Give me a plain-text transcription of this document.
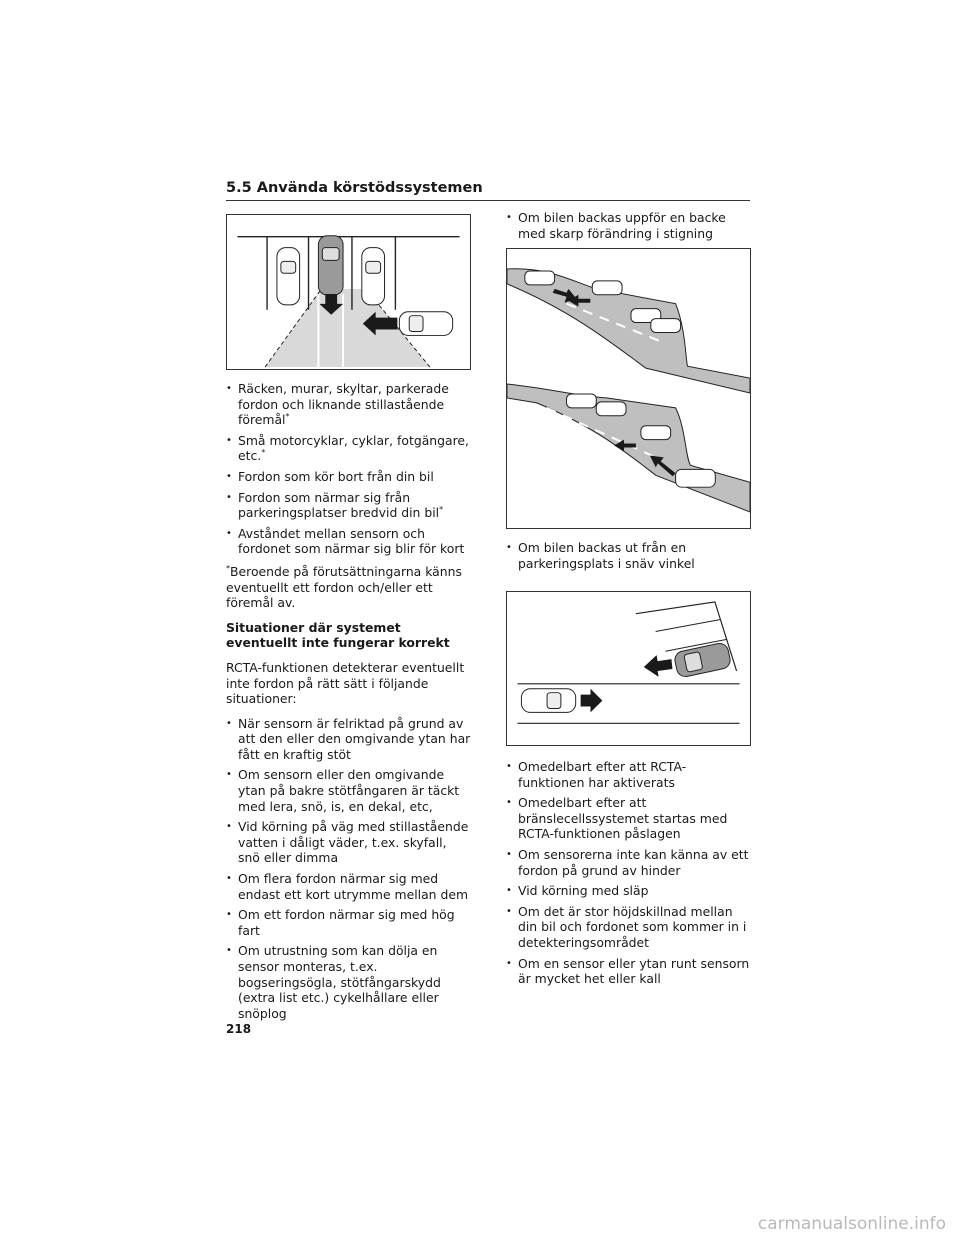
5.5 Använda körstödssystemen
• Räcken, murar, skyltar, parkerade fordon och liknande stillastående föremål*
• Små motorcyklar, cyklar, fotgängare, etc.*
• Fordon som kör bort från din bil
• Fordon som närmar sig från parkeringsplatser bredvid din bil*
• Avståndet mellan sensorn och fordonet som närmar sig blir för kort

*Beroende på förutsättningarna känns eventuellt ett fordon och/eller ett föremål av.

Situationer där systemet eventuellt inte fungerar korrekt

RCTA-funktionen detekterar eventuellt inte fordon på rätt sätt i följande situationer:

• När sensorn är felriktad på grund av att den eller den omgivande ytan har fått en kraftig stöt
• Om sensorn eller den omgivande ytan på bakre stötfångaren är täckt med lera, snö, is, en dekal, etc,
• Vid körning på väg med stillastående vatten i dåligt väder, t.ex. skyfall, snö eller dimma
• Om flera fordon närmar sig med endast ett kort utrymme mellan dem
• Om ett fordon närmar sig med hög fart
• Om utrustning som kan dölja en sensor monteras, t.ex. bogseringsögla, stötfångarskydd (extra list etc.) cykelhållare eller snöplog
• Om bilen backas uppför en backe med skarp förändring i stigning
• Om bilen backas ut från en parkeringsplats i snäv vinkel
• Omedelbart efter att RCTA-funktionen har aktiverats
• Omedelbart efter att bränslecellssystemet startas med RCTA-funktionen påslagen
• Om sensorerna inte kan känna av ett fordon på grund av hinder
• Vid körning med släp
• Om det är stor höjdskillnad mellan din bil och fordonet som kommer in i detekteringsområdet
• Om en sensor eller ytan runt sensorn är mycket het eller kall
218
carmanualsonline.info
